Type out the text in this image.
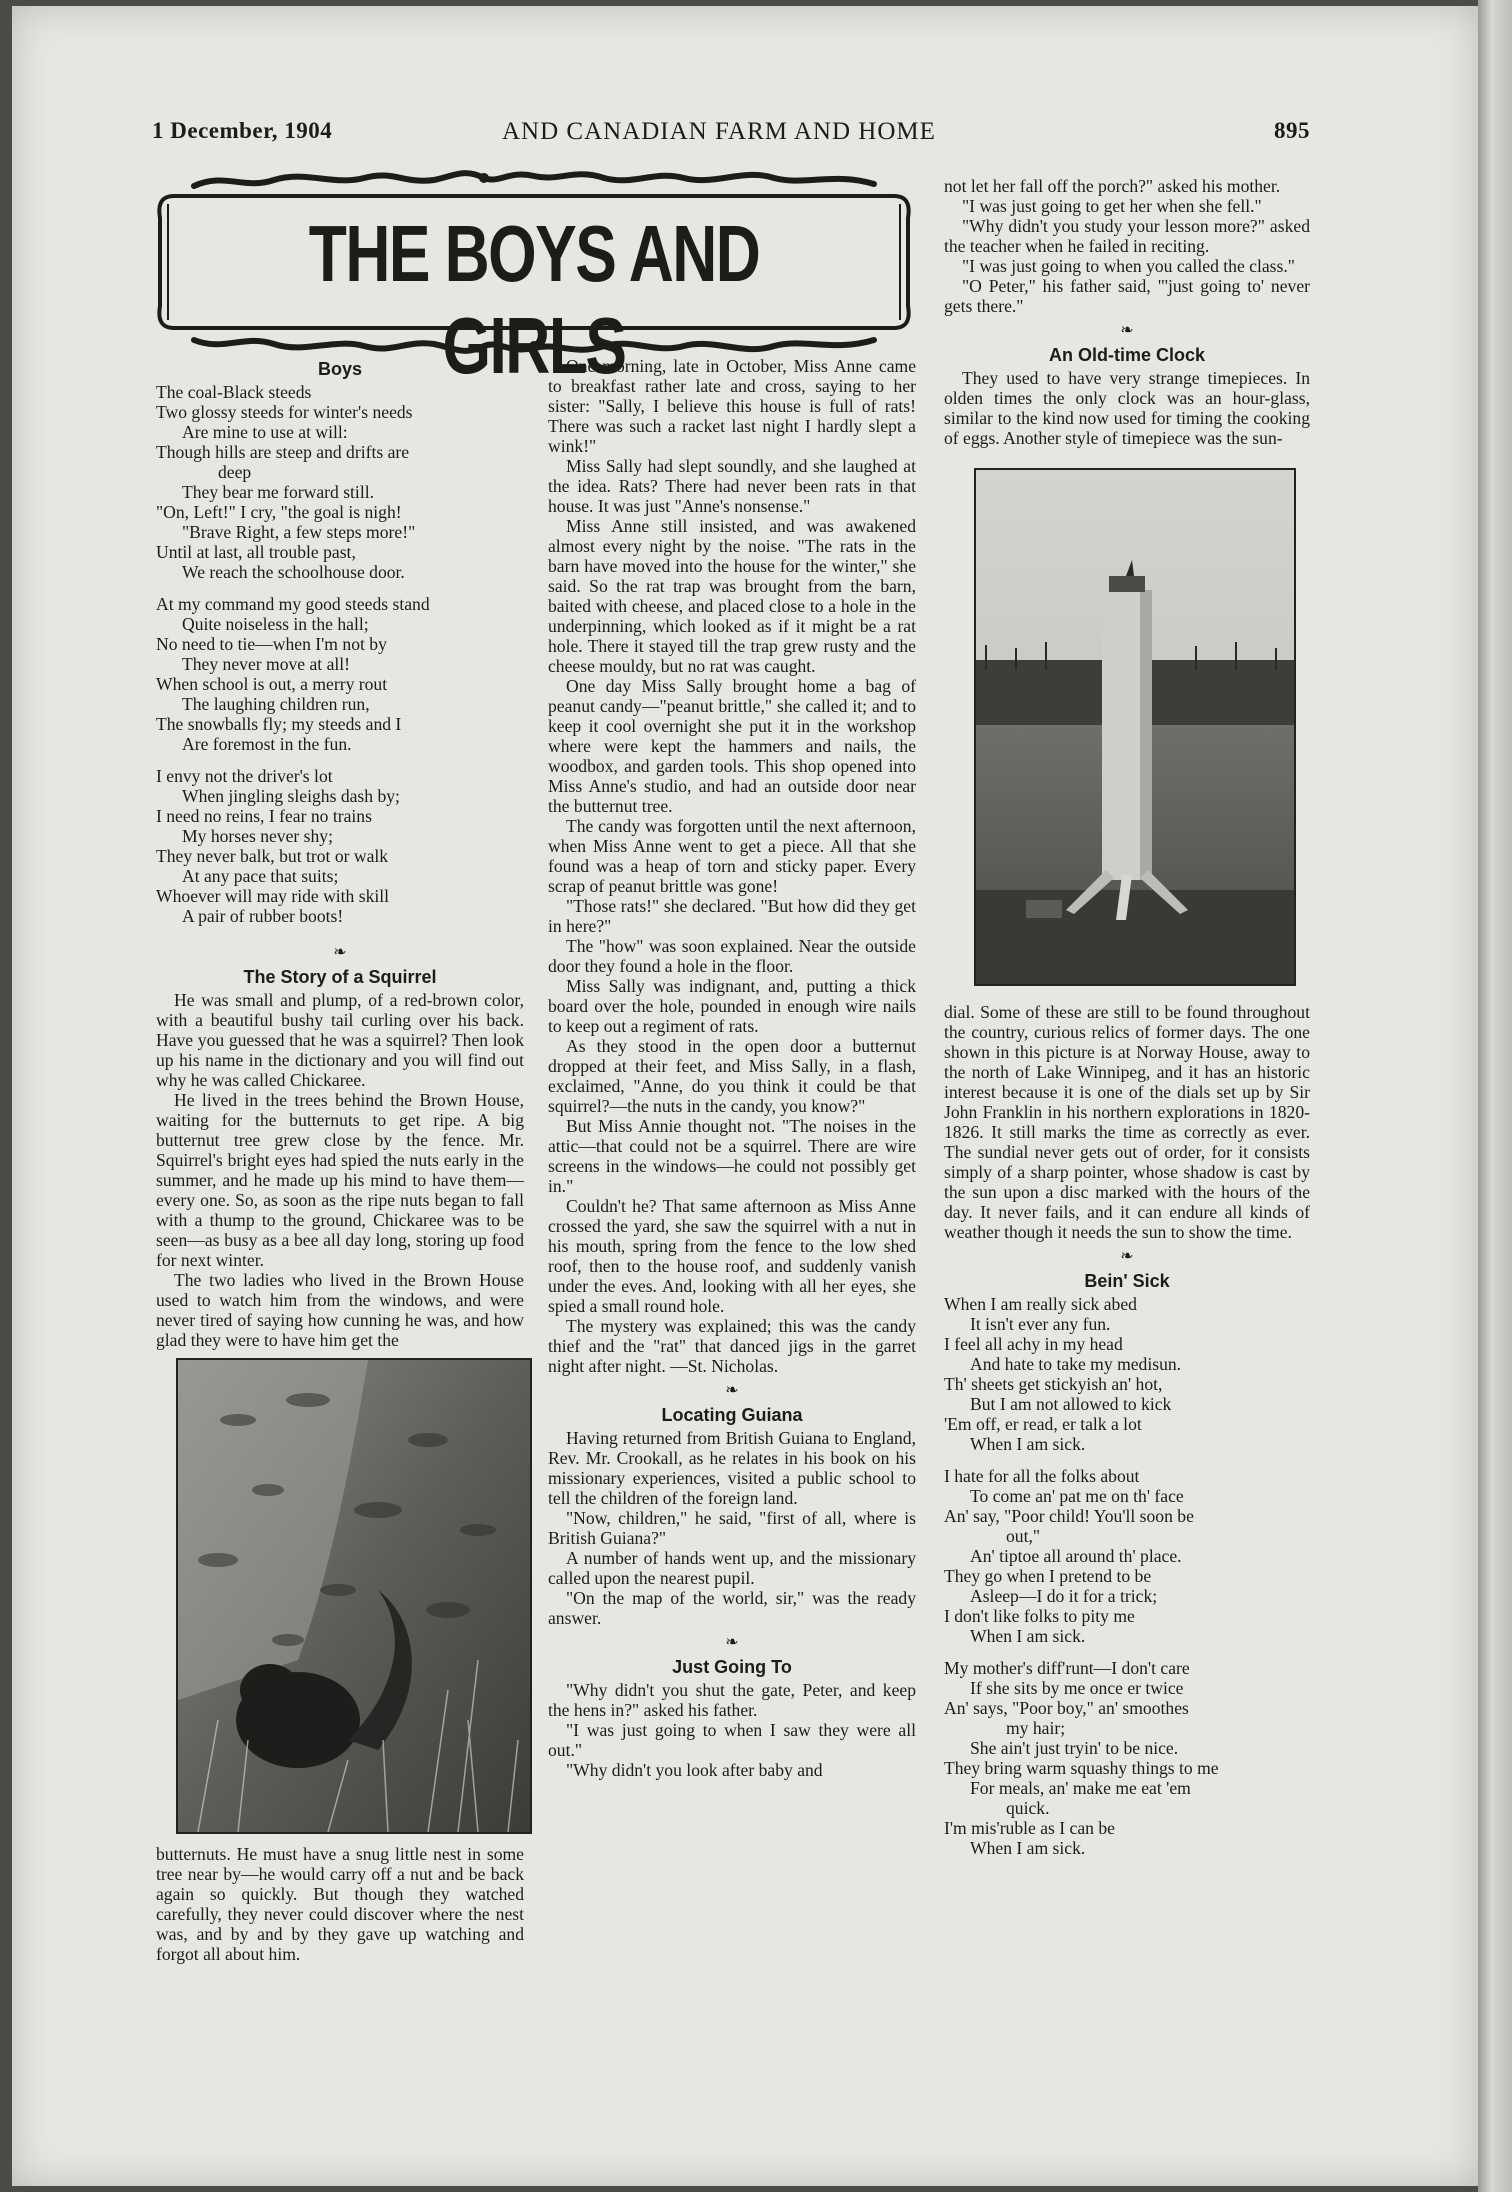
1 December, 1904	AND CANADIAN FARM AND HOME	895
THE BOYS AND GIRLS
Boys
The coal-Black steeds
Two glossy steeds for winter's needs
Are mine to use at will:
Though hills are steep and drifts are
deep
They bear me forward still.
"On, Left!" I cry, "the goal is nigh!
"Brave Right, a few steps more!"
Until at last, all trouble past,
We reach the schoolhouse door.
At my command my good steeds stand
Quite noiseless in the hall;
No need to tie—when I'm not by
They never move at all!
When school is out, a merry rout
The laughing children run,
The snowballs fly; my steeds and I
Are foremost in the fun.
I envy not the driver's lot
When jingling sleighs dash by;
I need no reins, I fear no trains
My horses never shy;
They never balk, but trot or walk
At any pace that suits;
Whoever will may ride with skill
A pair of rubber boots!
❧
The Story of a Squirrel

He was small and plump, of a red-brown color, with a beautiful bushy tail curling over his back. Have you guessed that he was a squirrel? Then look up his name in the dictionary and you will find out why he was called Chickaree.

He lived in the trees behind the Brown House, waiting for the butternuts to get ripe. A big butternut tree grew close by the fence. Mr. Squirrel's bright eyes had spied the nuts early in the summer, and he made up his mind to have them—every one. So, as soon as the ripe nuts began to fall with a thump to the ground, Chickaree was to be seen—as busy as a bee all day long, storing up food for next winter.

The two ladies who lived in the Brown House used to watch him from the windows, and were never tired of saying how cunning he was, and how glad they were to have him get the

butternuts. He must have a snug little nest in some tree near by—he would carry off a nut and be back again so quickly. But though they watched carefully, they never could discover where the nest was, and by and by they gave up watching and forgot all about him.

One morning, late in October, Miss Anne came to breakfast rather late and cross, saying to her sister: "Sally, I believe this house is full of rats! There was such a racket last night I hardly slept a wink!"

Miss Sally had slept soundly, and she laughed at the idea. Rats? There had never been rats in that house. It was just "Anne's nonsense."

Miss Anne still insisted, and was awakened almost every night by the noise. "The rats in the barn have moved into the house for the winter," she said. So the rat trap was brought from the barn, baited with cheese, and placed close to a hole in the underpinning, which looked as if it might be a rat hole. There it stayed till the trap grew rusty and the cheese mouldy, but no rat was caught.

One day Miss Sally brought home a bag of peanut candy—"peanut brittle," she called it; and to keep it cool overnight she put it in the workshop where were kept the hammers and nails, the woodbox, and garden tools. This shop opened into Miss Anne's studio, and had an outside door near the butternut tree.

The candy was forgotten until the next afternoon, when Miss Anne went to get a piece. All that she found was a heap of torn and sticky paper. Every scrap of peanut brittle was gone!

"Those rats!" she declared. "But how did they get in here?"

The "how" was soon explained. Near the outside door they found a hole in the floor.

Miss Sally was indignant, and, putting a thick board over the hole, pounded in enough wire nails to keep out a regiment of rats.

As they stood in the open door a butternut dropped at their feet, and Miss Sally, in a flash, exclaimed, "Anne, do you think it could be that squirrel?—the nuts in the candy, you know?"

But Miss Annie thought not. "The noises in the attic—that could not be a squirrel. There are wire screens in the windows—he could not possibly get in."

Couldn't he? That same afternoon as Miss Anne crossed the yard, she saw the squirrel with a nut in his mouth, spring from the fence to the low shed roof, then to the house roof, and suddenly vanish under the eves. And, looking with all her eyes, she spied a small round hole.

The mystery was explained; this was the candy thief and the "rat" that danced jigs in the garret night after night. —St. Nicholas.

❧
Locating Guiana

Having returned from British Guiana to England, Rev. Mr. Crookall, as he relates in his book on his missionary experiences, visited a public school to tell the children of the foreign land.

"Now, children," he said, "first of all, where is British Guiana?"

A number of hands went up, and the missionary called upon the nearest pupil.

"On the map of the world, sir," was the ready answer.

❧
Just Going To

"Why didn't you shut the gate, Peter, and keep the hens in?" asked his father.

"I was just going to when I saw they were all out."

"Why didn't you look after baby and

not let her fall off the porch?" asked his mother.

"I was just going to get her when she fell."

"Why didn't you study your lesson more?" asked the teacher when he failed in reciting.

"I was just going to when you called the class."

"O Peter," his father said, "'just going to' never gets there."

❧
An Old-time Clock

They used to have very strange timepieces. In olden times the only clock was an hour-glass, similar to the kind now used for timing the cooking of eggs. Another style of timepiece was the sun-

dial. Some of these are still to be found throughout the country, curious relics of former days. The one shown in this picture is at Norway House, away to the north of Lake Winnipeg, and it has an historic interest because it is one of the dials set up by Sir John Franklin in his northern explorations in 1820-1826. It still marks the time as correctly as ever. The sundial never gets out of order, for it consists simply of a sharp pointer, whose shadow is cast by the sun upon a disc marked with the hours of the day. It never fails, and it can endure all kinds of weather though it needs the sun to show the time.

❧
Bein' Sick
When I am really sick abed
It isn't ever any fun.
I feel all achy in my head
And hate to take my medisun.
Th' sheets get stickyish an' hot,
But I am not allowed to kick
'Em off, er read, er talk a lot
When I am sick.
I hate for all the folks about
To come an' pat me on th' face
An' say, "Poor child! You'll soon be
out,"
An' tiptoe all around th' place.
They go when I pretend to be
Asleep—I do it for a trick;
I don't like folks to pity me
When I am sick.
My mother's diff'runt—I don't care
If she sits by me once er twice
An' says, "Poor boy," an' smoothes
my hair;
She ain't just tryin' to be nice.
They bring warm squashy things to me
For meals, an' make me eat 'em
quick.
I'm mis'ruble as I can be
When I am sick.
